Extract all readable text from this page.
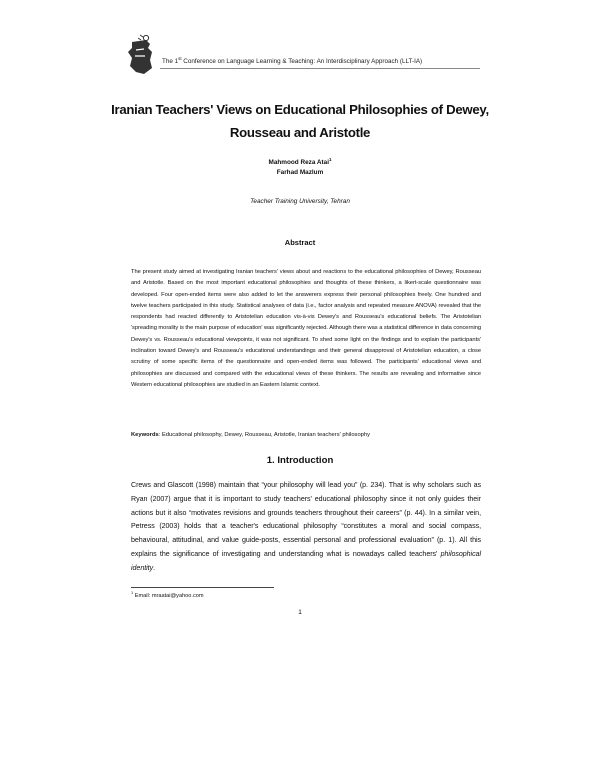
The 1st Conference on Language Learning & Teaching: An Interdisciplinary Approach (LLT-IA)
Iranian Teachers' Views on Educational Philosophies of Dewey, Rousseau and Aristotle
Mahmood Reza Atai$^1$
Farhad Mazlum
Teacher Training University, Tehran
Abstract
The present study aimed at investigating Iranian teachers' views about and reactions to the educational philosophies of Dewey, Rousseau and Aristotle. Based on the most important educational philosophies and thoughts of these thinkers, a likert-scale questionnaire was developed. Four open-ended items were also added to let the answerers express their personal philosophies freely. One hundred and twelve teachers participated in this study. Statistical analyses of data (i.e., factor analysis and repeated measure ANOVA) revealed that the respondents had reacted differently to Aristotelian education vis-à-vis Dewey's and Rousseau's educational beliefs. The Aristotelian 'spreading morality is the main purpose of education' was significantly rejected. Although there was a statistical difference in data concerning Dewey's vs. Rousseau's educational viewpoints, it was not significant. To shed some light on the findings and to explain the participants' inclination toward Dewey's and Rousseau's educational understandings and their general disapproval of Aristotelian education, a close scrutiny of some specific items of the questionnaire and open-ended items was followed. The participants' educational views and philosophies are discussed and compared with the educational views of these thinkers. The results are revealing and informative since Western educational philosophies are studied in an Eastern Islamic context.
Keywords: Educational philosophy, Dewey, Rousseau, Aristotle, Iranian teachers' philosophy
1. Introduction
Crews and Glascott (1998) maintain that “your philosophy will lead you” (p. 234). That is why scholars such as Ryan (2007) argue that it is important to study teachers' educational philosophy since it not only guides their actions but it also “motivates revisions and grounds teachers throughout their careers” (p. 44). In a similar vein, Petress (2003) holds that a teacher's educational philosophy “constitutes a moral and social compass, behavioural, attitudinal, and value guide-posts, essential personal and professional evaluation” (p. 1). All this explains the significance of investigating and understanding what is nowadays called teachers' philosophical identity.
$^1$ Email: mraatai@yahoo.com
1
